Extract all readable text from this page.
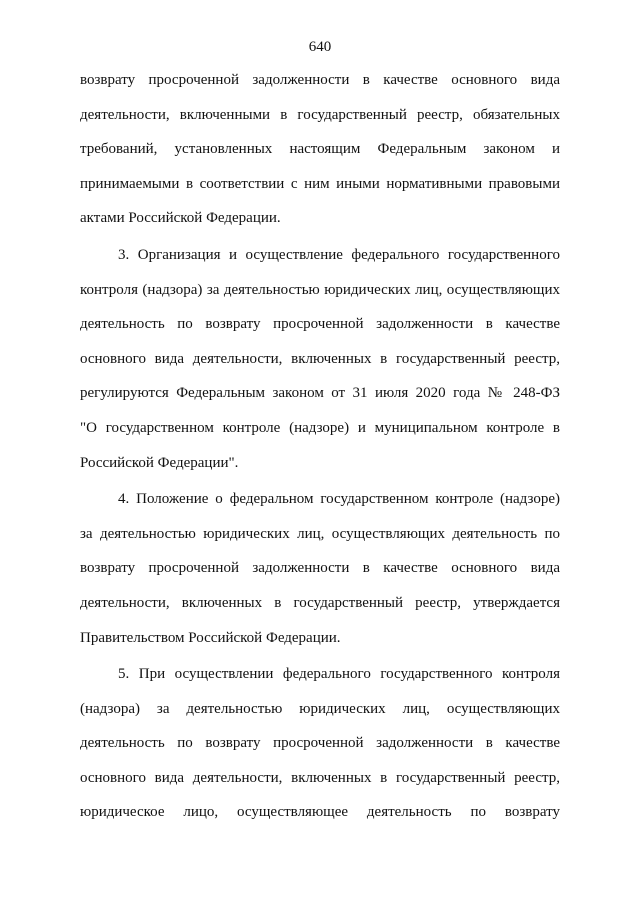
640
возврату просроченной задолженности в качестве основного вида
деятельности, включенными в государственный реестр, обязательных
требований, установленных настоящим Федеральным законом и
принимаемыми в соответствии с ним иными нормативными правовыми
актами Российской Федерации.
3. Организация и осуществление федерального государственного
контроля (надзора) за деятельностью юридических лиц, осуществляющих
деятельность по возврату просроченной задолженности в качестве
основного вида деятельности, включенных в государственный реестр,
регулируются Федеральным законом от 31 июля 2020 года № 248-ФЗ
"О государственном контроле (надзоре) и муниципальном контроле в
Российской Федерации".
4. Положение о федеральном государственном контроле (надзоре)
за деятельностью юридических лиц, осуществляющих деятельность по
возврату просроченной задолженности в качестве основного вида
деятельности, включенных в государственный реестр, утверждается
Правительством Российской Федерации.
5. При осуществлении федерального государственного контроля
(надзора) за деятельностью юридических лиц, осуществляющих
деятельность по возврату просроченной задолженности в качестве
основного вида деятельности, включенных в государственный реестр,
юридическое лицо, осуществляющее деятельность по возврату
